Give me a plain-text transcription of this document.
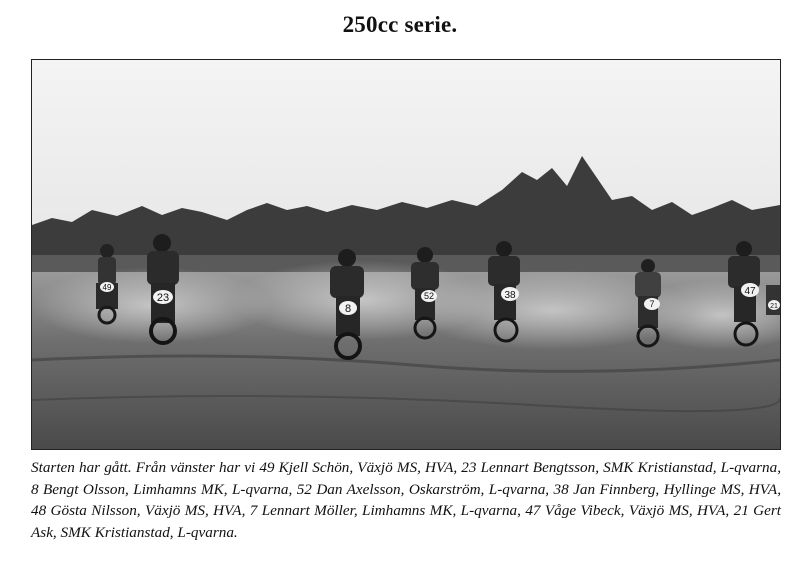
250cc serie.
49
23
8
52	38
7
47
21
Starten har gått. Från vänster har vi 49 Kjell Schön, Växjö MS, HVA, 23 Lennart Bengtsson, SMK Kristianstad, L-qvarna, 8 Bengt Olsson, Limhamns MK, L-qvarna, 52 Dan Axelsson, Oskarström, L-qvarna, 38 Jan Finnberg, Hyllinge MS, HVA, 48 Gösta Nilsson, Växjö MS, HVA, 7 Lennart Möller, Limhamns MK, L-qvarna, 47 Våge Vibeck, Växjö MS, HVA, 21 Gert Ask, SMK Kristianstad, L-qvarna.
